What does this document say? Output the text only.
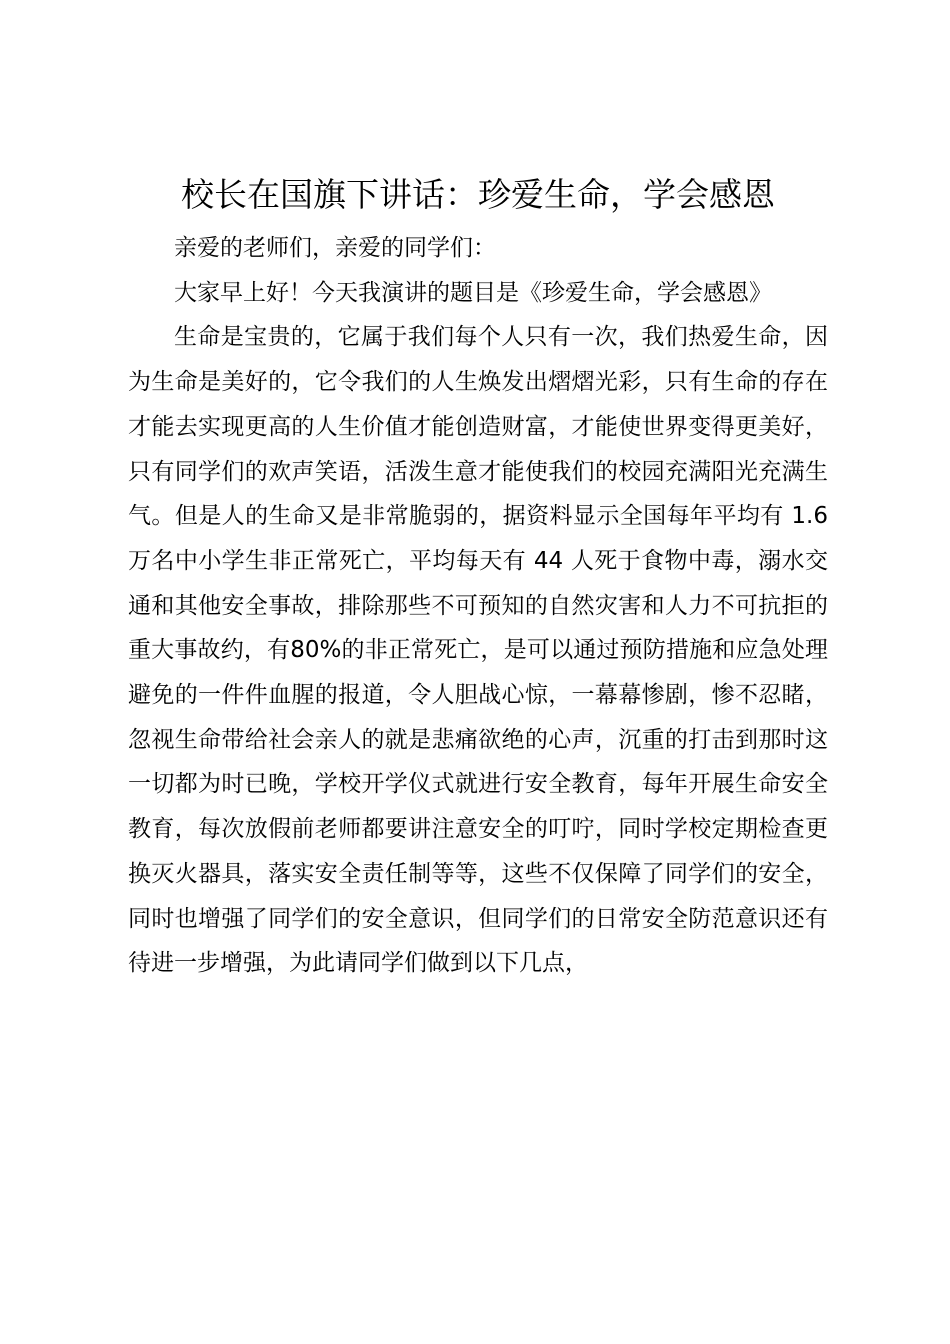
校长在国旗下讲话：珍爱生命，学会感恩

亲爱的老师们，亲爱的同学们：

大家早上好！今天我演讲的题目是《珍爱生命，学会感恩》

生命是宝贵的，它属于我们每个人只有一次，我们热爱生命，因为生命是美好的，它令我们的人生焕发出熠熠光彩，只有生命的存在才能去实现更高的人生价值才能创造财富，才能使世界变得更美好，只有同学们的欢声笑语，活泼生意才能使我们的校园充满阳光充满生气。但是人的生命又是非常脆弱的，据资料显示全国每年平均有 1.6 万名中小学生非正常死亡，平均每天有 44 人死于食物中毒，溺水交通和其他安全事故，排除那些不可预知的自然灾害和人力不可抗拒的重大事故约，有80%的非正常死亡，是可以通过预防措施和应急处理避免的一件件血腥的报道，令人胆战心惊，一幕幕惨剧，惨不忍睹，忽视生命带给社会亲人的就是悲痛欲绝的心声，沉重的打击到那时这一切都为时已晚，学校开学仪式就进行安全教育，每年开展生命安全教育，每次放假前老师都要讲注意安全的叮咛，同时学校定期检查更换灭火器具，落实安全责任制等等，这些不仅保障了同学们的安全，同时也增强了同学们的安全意识，但同学们的日常安全防范意识还有待进一步增强，为此请同学们做到以下几点，
